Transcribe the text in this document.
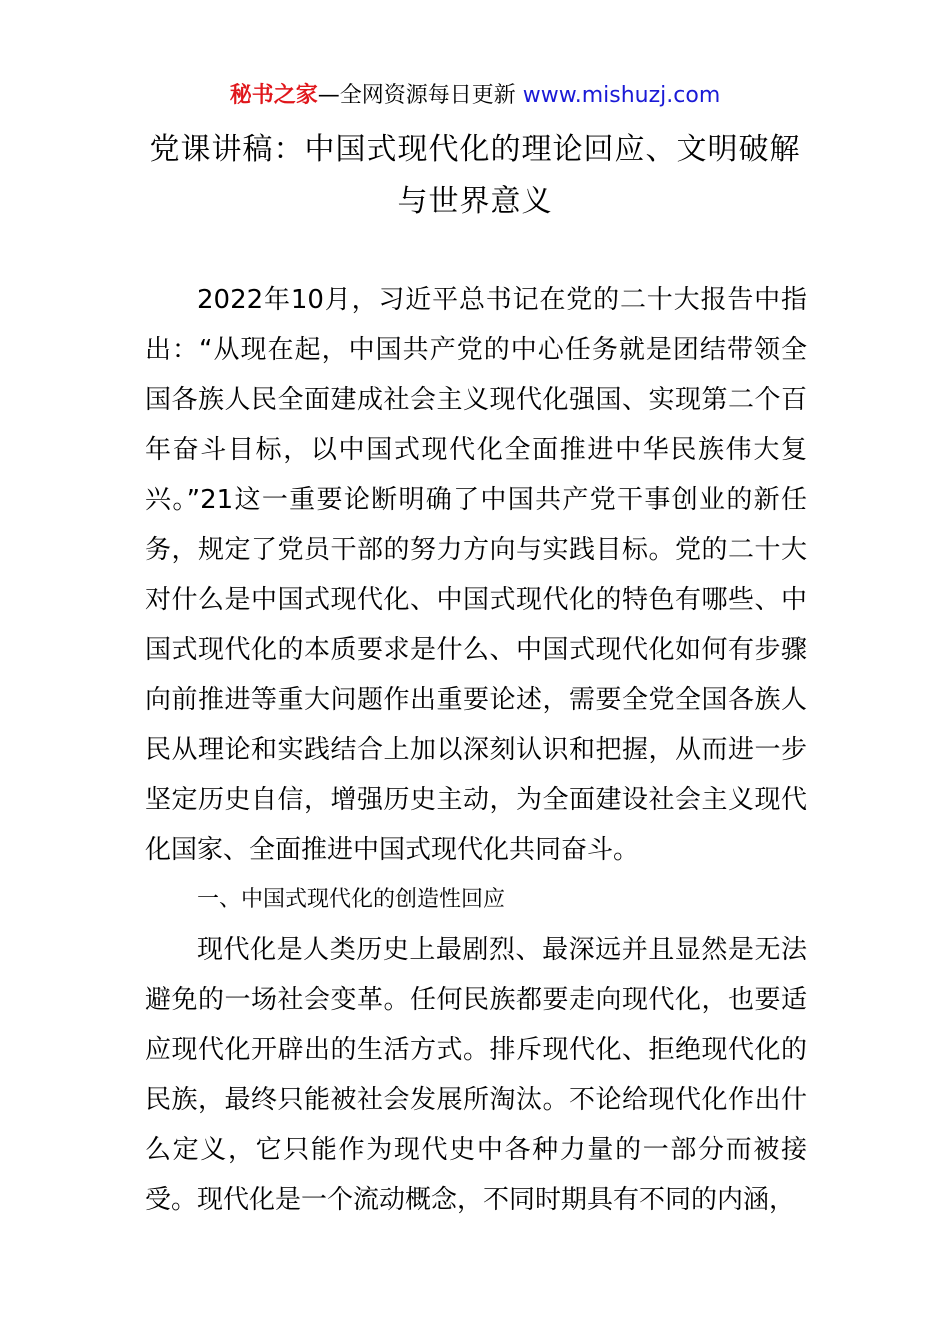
秘书之家—全网资源每日更新 www.mishuzj.com
党课讲稿：中国式现代化的理论回应、文明破解与世界意义

2022年10月，习近平总书记在党的二十大报告中指出：“从现在起，中国共产党的中心任务就是团结带领全国各族人民全面建成社会主义现代化强国、实现第二个百年奋斗目标，以中国式现代化全面推进中华民族伟大复兴。”21这一重要论断明确了中国共产党干事创业的新任务，规定了党员干部的努力方向与实践目标。党的二十大对什么是中国式现代化、中国式现代化的特色有哪些、中国式现代化的本质要求是什么、中国式现代化如何有步骤向前推进等重大问题作出重要论述，需要全党全国各族人民从理论和实践结合上加以深刻认识和把握，从而进一步坚定历史自信，增强历史主动，为全面建设社会主义现代化国家、全面推进中国式现代化共同奋斗。

一、中国式现代化的创造性回应

现代化是人类历史上最剧烈、最深远并且显然是无法避免的一场社会变革。任何民族都要走向现代化，也要适应现代化开辟出的生活方式。排斥现代化、拒绝现代化的民族，最终只能被社会发展所淘汰。不论给现代化作出什么定义，它只能作为现代史中各种力量的一部分而被接受。现代化是一个流动概念，不同时期具有不同的内涵，
